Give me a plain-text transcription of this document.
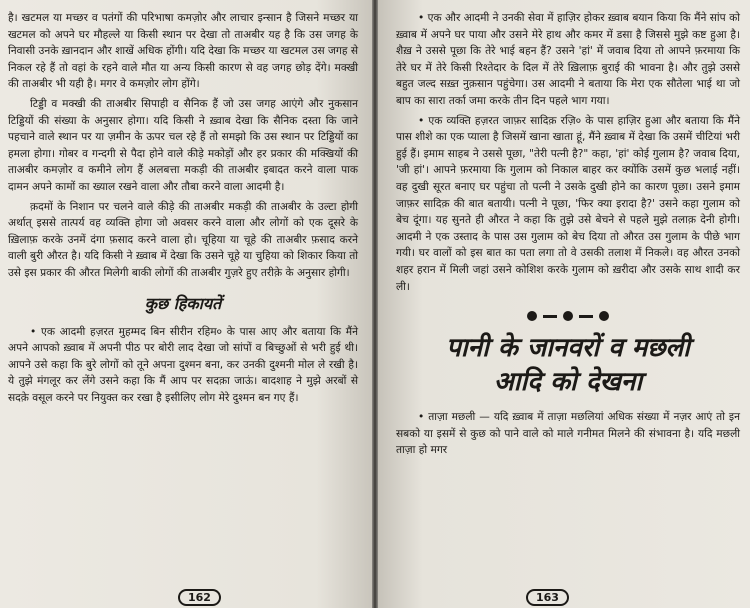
है। खटमल या मच्छर व पतंगों की परिभाषा कमज़ोर और लाचार इन्सान है जिसने मच्छर या खटमल को अपने घर मौहल्ले या किसी स्थान पर देखा तो ताअबीर यह है कि उस जगह के निवासी उनके ख़ानदान और शाखें अधिक होंगी। यदि देखा कि मच्छर या खटमल उस जगह से निकल रहे हैं तो वहां के रहने वाले मौत या अन्य किसी कारण से वह जगह छोड़ देंगे। मक्खी की ताअबीर भी यही है। मगर वे कमज़ोर लोग होंगे।

टिड्डी व मक्खी की ताअबीर सिपाही व सैनिक हैं जो उस जगह आएंगे और नुकसान टिड्डियों की संख्या के अनुसार होगा। यदि किसी ने ख़्वाब देखा कि सैनिक दस्ता कि जाने पहचाने वाले स्थान पर या ज़मीन के ऊपर चल रहे हैं तो समझो कि उस स्थान पर टिड्डियों का हमला होगा। गोबर व गन्दगी से पैदा होने वाले कीड़े मकोड़ों और हर प्रकार की मक्खियों की ताअबीर कमज़ोर व कमीने लोग हैं अलबत्ता मकड़ी की ताअबीर इबादत करने वाला पाक दामन अपने कामों का ख्याल रखने वाला और तौबा करने वाला आदमी है।

क़दमों के निशान पर चलने वाले कीड़े की ताअबीर मकड़ी की ताअबीर के उल्टा होगी अर्थात् इससे तात्पर्य वह व्यक्ति होगा जो अवसर करने वाला और लोगों को एक दूसरे के ख़िलाफ़ करके उनमें दंगा फ़साद करने वाला हो। चूहिया या चूहे की ताअबीर फ़साद करने वाली बुरी औरत है। यदि किसी ने ख़्वाब में देखा कि उसने चूहे या चुहिया को शिकार किया तो उसे इस प्रकार की औरत मिलेगी बाकी लोगों की ताअबीर गुज़रे हुए तरीक़े के अनुसार होगी।

कुछ हिकायतें

• एक आदमी हज़रत मुहम्मद बिन सीरीन रहिम० के पास आए और बताया कि मैंने अपने आपको ख़्वाब में अपनी पीठ पर बोरी लाद देखा जो सांपों व बिच्छुओं से भरी हुई थी। आपने उसे कहा कि बुरे लोगों को तूने अपना दुश्मन बना, कर उनकी दुश्मनी मोल ले रखी है। ये तुझे मंगलूर कर लेंगे उसने कहा कि मैं आप पर सदक़ा जाऊं। बादशाह ने मुझे अरबों से सदक़े वसूल करने पर नियुक्त कर रखा है इसीलिए लोग मेरे दुश्मन बन गए हैं।

162

• एक और आदमी ने उनकी सेवा में हाज़िर होकर ख़्वाब बयान किया कि मैंने सांप को ख़्वाब में अपने घर पाया और उसने मेरे हाथ और कमर में डसा है जिससे मुझे कष्ट हुआ है। शैख़ ने उससे पूछा कि तेरे भाई बहन हैं? उसने 'हां' में जवाब दिया तो आपने फ़रमाया कि तेरे घर में तेरे किसी रिश्तेदार के दिल में तेरे ख़िलाफ़ बुराई की भावना है। और तुझे उससे बहुत जल्द सख़्त नुक़सान पहुंचेगा। उस आदमी ने बताया कि मेरा एक सौतेला भाई था जो बाप का सारा तर्का जमा करके तीन दिन पहले भाग गया।

• एक व्यक्ति हज़रत जाफ़र सादिक़ रज़ि० के पास हाज़िर हुआ और बताया कि मैंने पास शीशे का एक प्याला है जिसमें खाना खाता हूं, मैंने ख़्वाब में देखा कि उसमें चीटियां भरी हुई हैं। इमाम साहब ने उससे पूछा, "तेरी पत्नी है?" कहा, 'हां' कोई गुलाम है? जवाब दिया, 'जी हां'। आपने फ़रमाया कि गुलाम को निकाल बाहर कर क्योंकि उसमें कुछ भलाई नहीं। वह दुखी सूरत बनाए घर पहुंचा तो पत्नी ने उसके दुखी होने का कारण पूछा। उसने इमाम जाफ़र सादिक़ की बात बतायी। पत्नी ने पूछा, 'फिर क्या इरादा है?' उसने कहा गुलाम को बेच दूंगा। यह सुनते ही औरत ने कहा कि तुझे उसे बेचने से पहले मुझे तलाक़ देनी होगी। आदमी ने एक उस्ताद के पास उस गुलाम को बेच दिया तो औरत उस गुलाम के पीछे भाग गयी। घर वालों को इस बात का पता लगा तो वे उसकी तलाश में निकले। वह औरत उनको शहर हरान में मिली जहां उसने कोशिश करके गुलाम को ख़रीदा और उसके साथ शादी कर ली।

पानी के जानवरों व मछली
आदि को देखना

• ताज़ा मछली — यदि ख़्वाब में ताज़ा मछलियां अधिक संख्या में नज़र आएं तो इन सबको या इसमें से कुछ को पाने वाले को माले गनीमत मिलने की संभावना है। यदि मछली ताज़ा हो मगर

163
